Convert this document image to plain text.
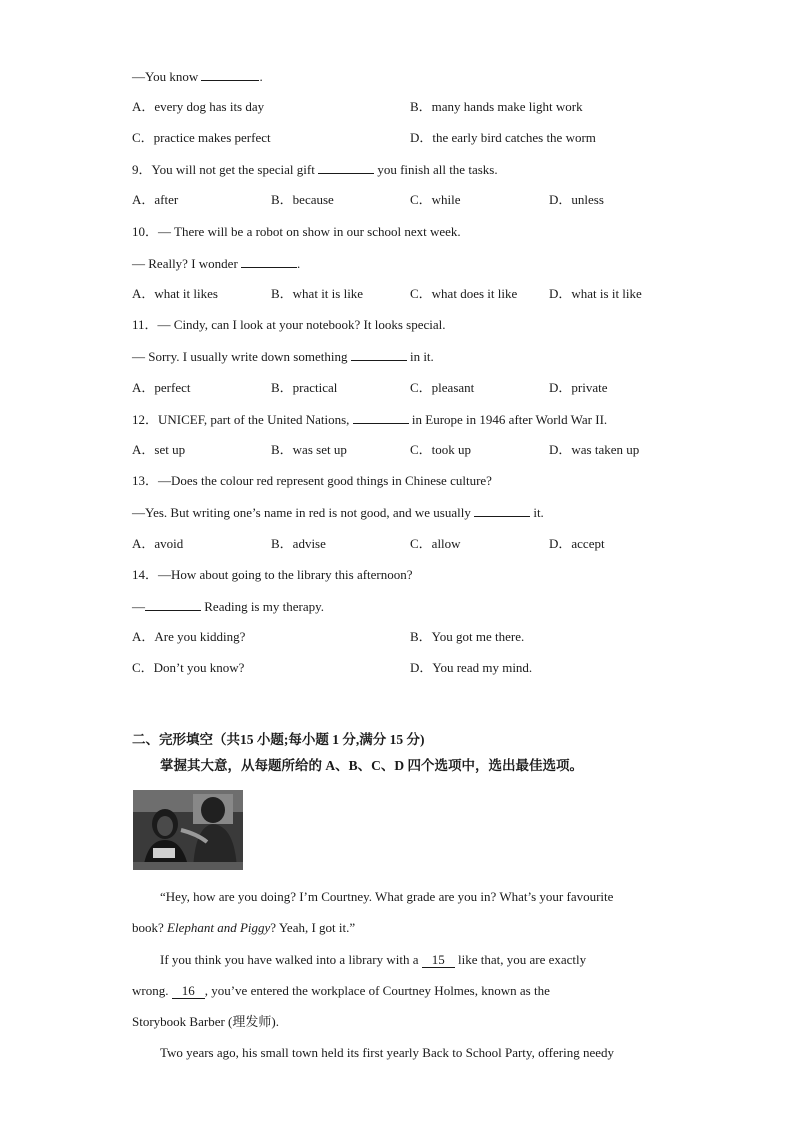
—You know	.
A．every dog has its day	B．many hands make light work
C．practice makes perfect	D．the early bird catches the worm
9．You will not get the special gift	you finish all the tasks.
A．after	B．because	C．while	D．unless
10．— There will be a robot on show in our school next week.
— Really? I wonder	.
A．what it likes	B．what it is like	C．what does it like D．what is it like
11．— Cindy, can I look at your notebook? It looks special.
— Sorry. I usually write down something	in it.
A．perfect	B．practical	C．pleasant	D．private
12．UNICEF, part of the United Nations,	in Europe in 1946 after World War II.
A．set up	B．was set up	C．took up	D．was taken up
13．—Does the colour red represent good things in Chinese culture?
—Yes. But writing one’s name in red is not good, and we usually	it.
A．avoid	B．advise	C．allow	D．accept
14．—How about going to the library this afternoon?
—	Reading is my therapy.
A．Are you kidding?	B．You got me there.
C．Don’t you know?	D．You read my mind.
二、完形填空（共15 小题;每小题 1 分,满分 15 分)
掌握其大意，从每题所给的 A、B、C、D 四个选项中，选出最佳选项。
“Hey, how are you doing? I’m Courtney. What grade are you in? What’s your favourite
book? Elephant and Piggy? Yeah, I got it.”
If you think you have walked into a library with a 15 like that, you are exactly
wrong. 16 , you’ve entered the workplace of Courtney Holmes, known as the
Storybook Barber (理发师).
Two years ago, his small town held its first yearly Back to School Party, offering needy
